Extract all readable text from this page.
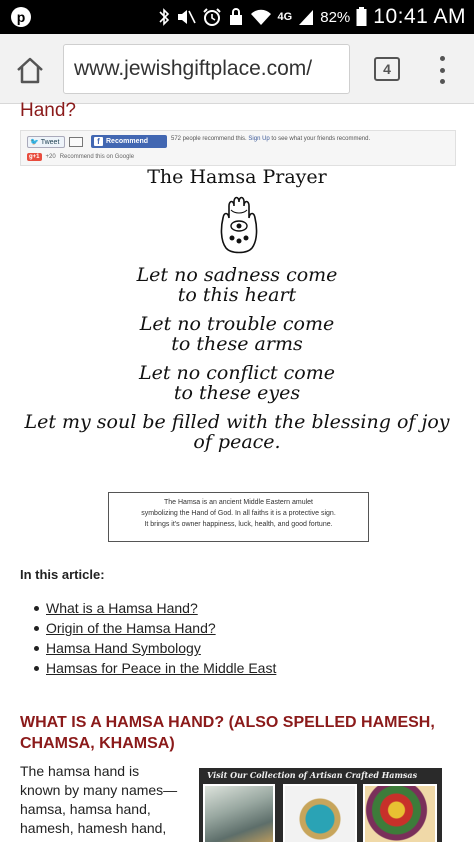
p	4G 82% 10:41 AM
www.jewishgiftplace.com/	4
Hand?
🐦 Tweet	f Recommend	572 people recommend this. Sign Up to see what your friends recommend.
g+1	+20 Recommend this on Google
The Hamsa Prayer
Let no sadness come
to this heart
Let no trouble come
to these arms
Let no conflict come
to these eyes
Let my soul be filled with the blessing of joy
of peace.
The Hamsa is an ancient Middle Eastern amulet
symbolizing the Hand of God. In all faiths it is a protective sign.
It brings it's owner happiness, luck, health, and good fortune.
In this article:
What is a Hamsa Hand?
Origin of the Hamsa Hand?
Hamsa Hand Symbology
Hamsas for Peace in the Middle East
WHAT IS A HAMSA HAND? (ALSO SPELLED HAMESH, CHAMSA, KHAMSA)
The hamsa hand is
known by many names—
hamsa, hamsa hand,
hamesh, hamesh hand,
Visit Our Collection of Artisan Crafted Hamsas
